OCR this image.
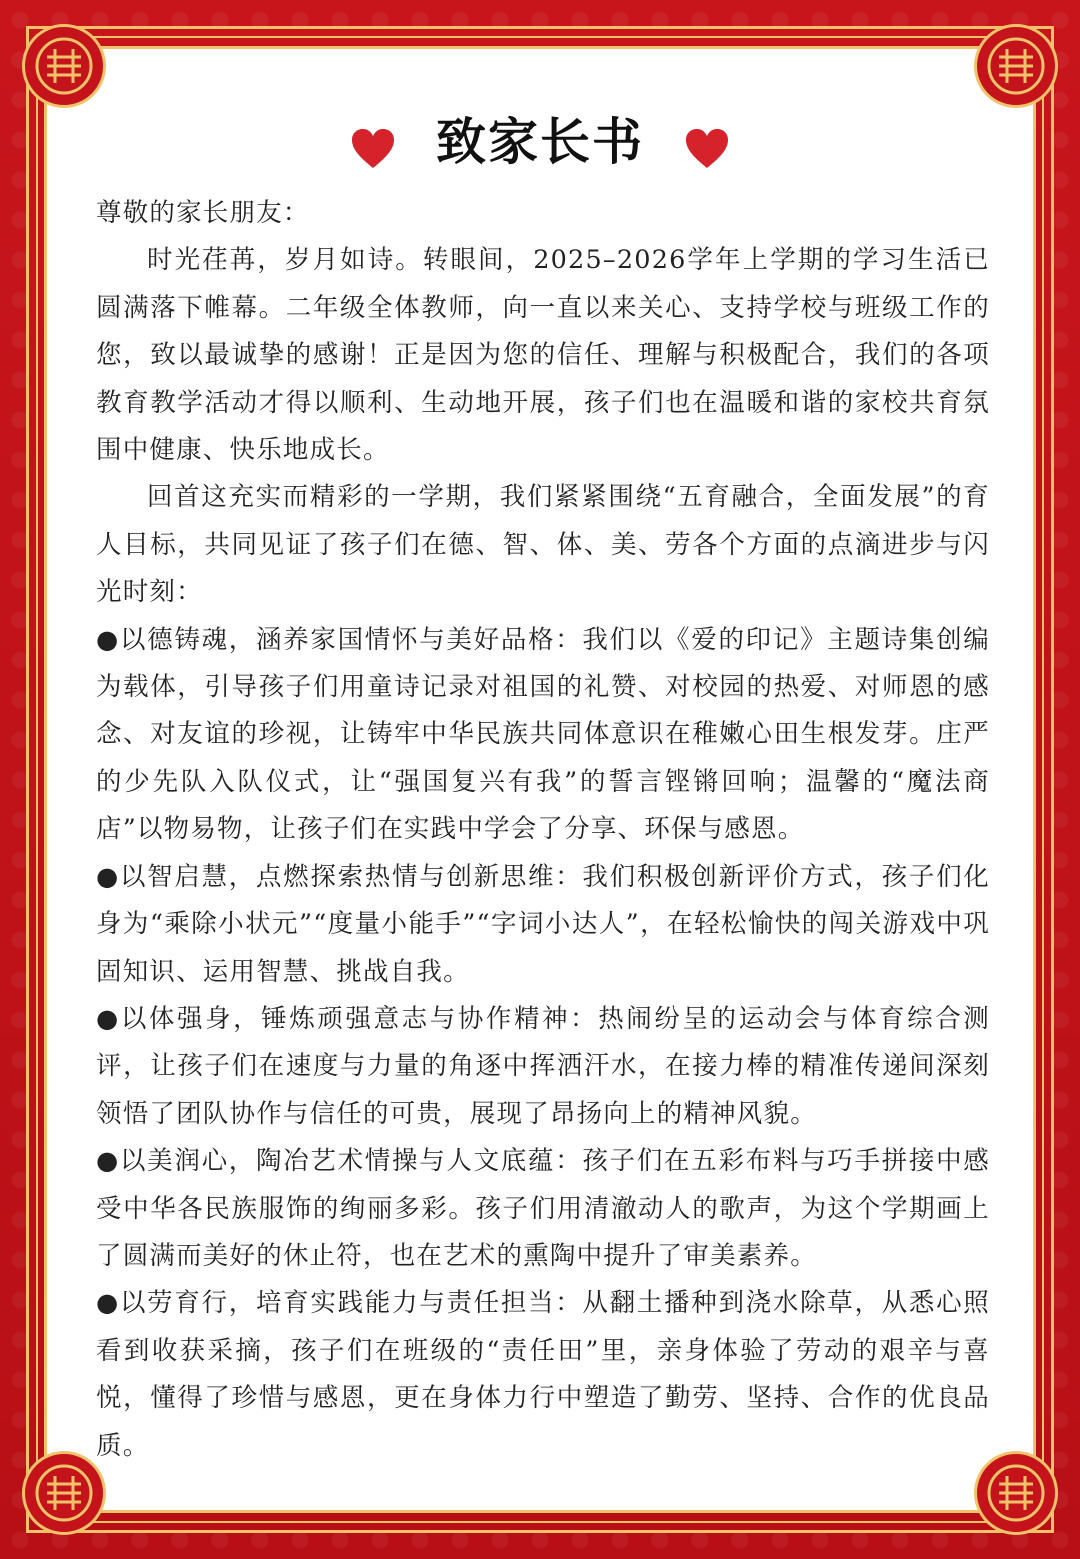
致家长书

尊敬的家长朋友：

时光荏苒，岁月如诗。转眼间，2025–2026学年上学期的学习生活已圆满落下帷幕。二年级全体教师，向一直以来关心、支持学校与班级工作的您，致以最诚挚的感谢！正是因为您的信任、理解与积极配合，我们的各项教育教学活动才得以顺利、生动地开展，孩子们也在温暖和谐的家校共育氛围中健康、快乐地成长。

回首这充实而精彩的一学期，我们紧紧围绕“五育融合，全面发展”的育人目标，共同见证了孩子们在德、智、体、美、劳各个方面的点滴进步与闪光时刻：

●以德铸魂，涵养家国情怀与美好品格：我们以《爱的印记》主题诗集创编为载体，引导孩子们用童诗记录对祖国的礼赞、对校园的热爱、对师恩的感念、对友谊的珍视，让铸牢中华民族共同体意识在稚嫩心田生根发芽。庄严的少先队入队仪式，让“强国复兴有我”的誓言铿锵回响；温馨的“魔法商店”以物易物，让孩子们在实践中学会了分享、环保与感恩。

●以智启慧，点燃探索热情与创新思维：我们积极创新评价方式，孩子们化身为“乘除小状元”“度量小能手”“字词小达人”，在轻松愉快的闯关游戏中巩固知识、运用智慧、挑战自我。

●以体强身，锤炼顽强意志与协作精神：热闹纷呈的运动会与体育综合测评，让孩子们在速度与力量的角逐中挥洒汗水，在接力棒的精准传递间深刻领悟了团队协作与信任的可贵，展现了昂扬向上的精神风貌。

●以美润心，陶冶艺术情操与人文底蕴：孩子们在五彩布料与巧手拼接中感受中华各民族服饰的绚丽多彩。孩子们用清澈动人的歌声，为这个学期画上了圆满而美好的休止符，也在艺术的熏陶中提升了审美素养。

●以劳育行，培育实践能力与责任担当：从翻土播种到浇水除草，从悉心照看到收获采摘，孩子们在班级的“责任田”里，亲身体验了劳动的艰辛与喜悦，懂得了珍惜与感恩，更在身体力行中塑造了勤劳、坚持、合作的优良品质。
